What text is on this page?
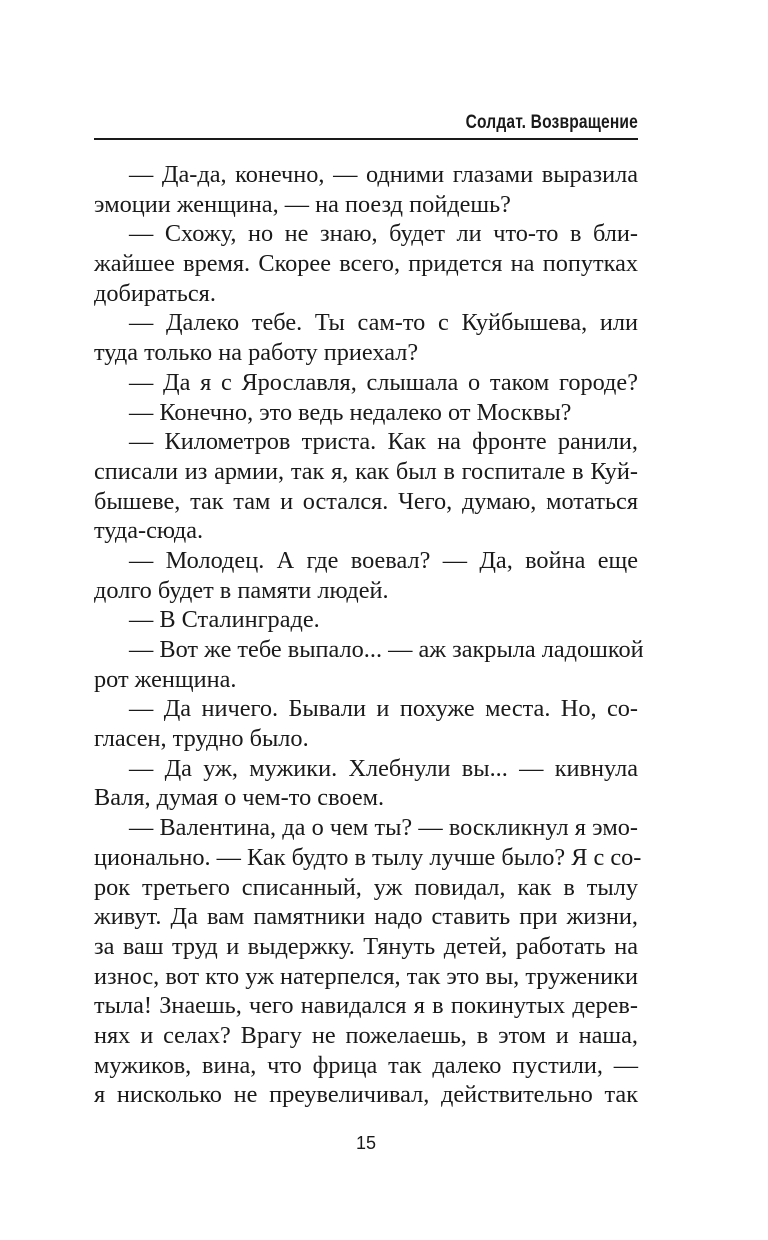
Солдат. Возвращение
— Да-да, конечно, — одними глазами выразила
эмоции женщина, — на поезд пойдешь?
— Схожу, но не знаю, будет ли что-то в бли-
жайшее время. Скорее всего, придется на попутках
добираться.
— Далеко тебе. Ты сам-то с Куйбышева, или
туда только на работу приехал?
— Да я с Ярославля, слышала о таком городе?
— Конечно, это ведь недалеко от Москвы?
— Километров триста. Как на фронте ранили,
списали из армии, так я, как был в госпитале в Куй-
бышеве, так там и остался. Чего, думаю, мотаться
туда-сюда.
— Молодец. А где воевал? — Да, война еще
долго будет в памяти людей.
— В Сталинграде.
— Вот же тебе выпало... — аж закрыла ладошкой
рот женщина.
— Да ничего. Бывали и похуже места. Но, со-
гласен, трудно было.
— Да уж, мужики. Хлебнули вы... — кивнула
Валя, думая о чем-то своем.
— Валентина, да о чем ты? — воскликнул я эмо-
ционально. — Как будто в тылу лучше было? Я с со-
рок третьего списанный, уж повидал, как в тылу
живут. Да вам памятники надо ставить при жизни,
за ваш труд и выдержку. Тянуть детей, работать на
износ, вот кто уж натерпелся, так это вы, труженики
тыла! Знаешь, чего навидался я в покинутых дерев-
нях и селах? Врагу не пожелаешь, в этом и наша,
мужиков, вина, что фрица так далеко пустили, —
я нисколько не преувеличивал, действительно так
15
